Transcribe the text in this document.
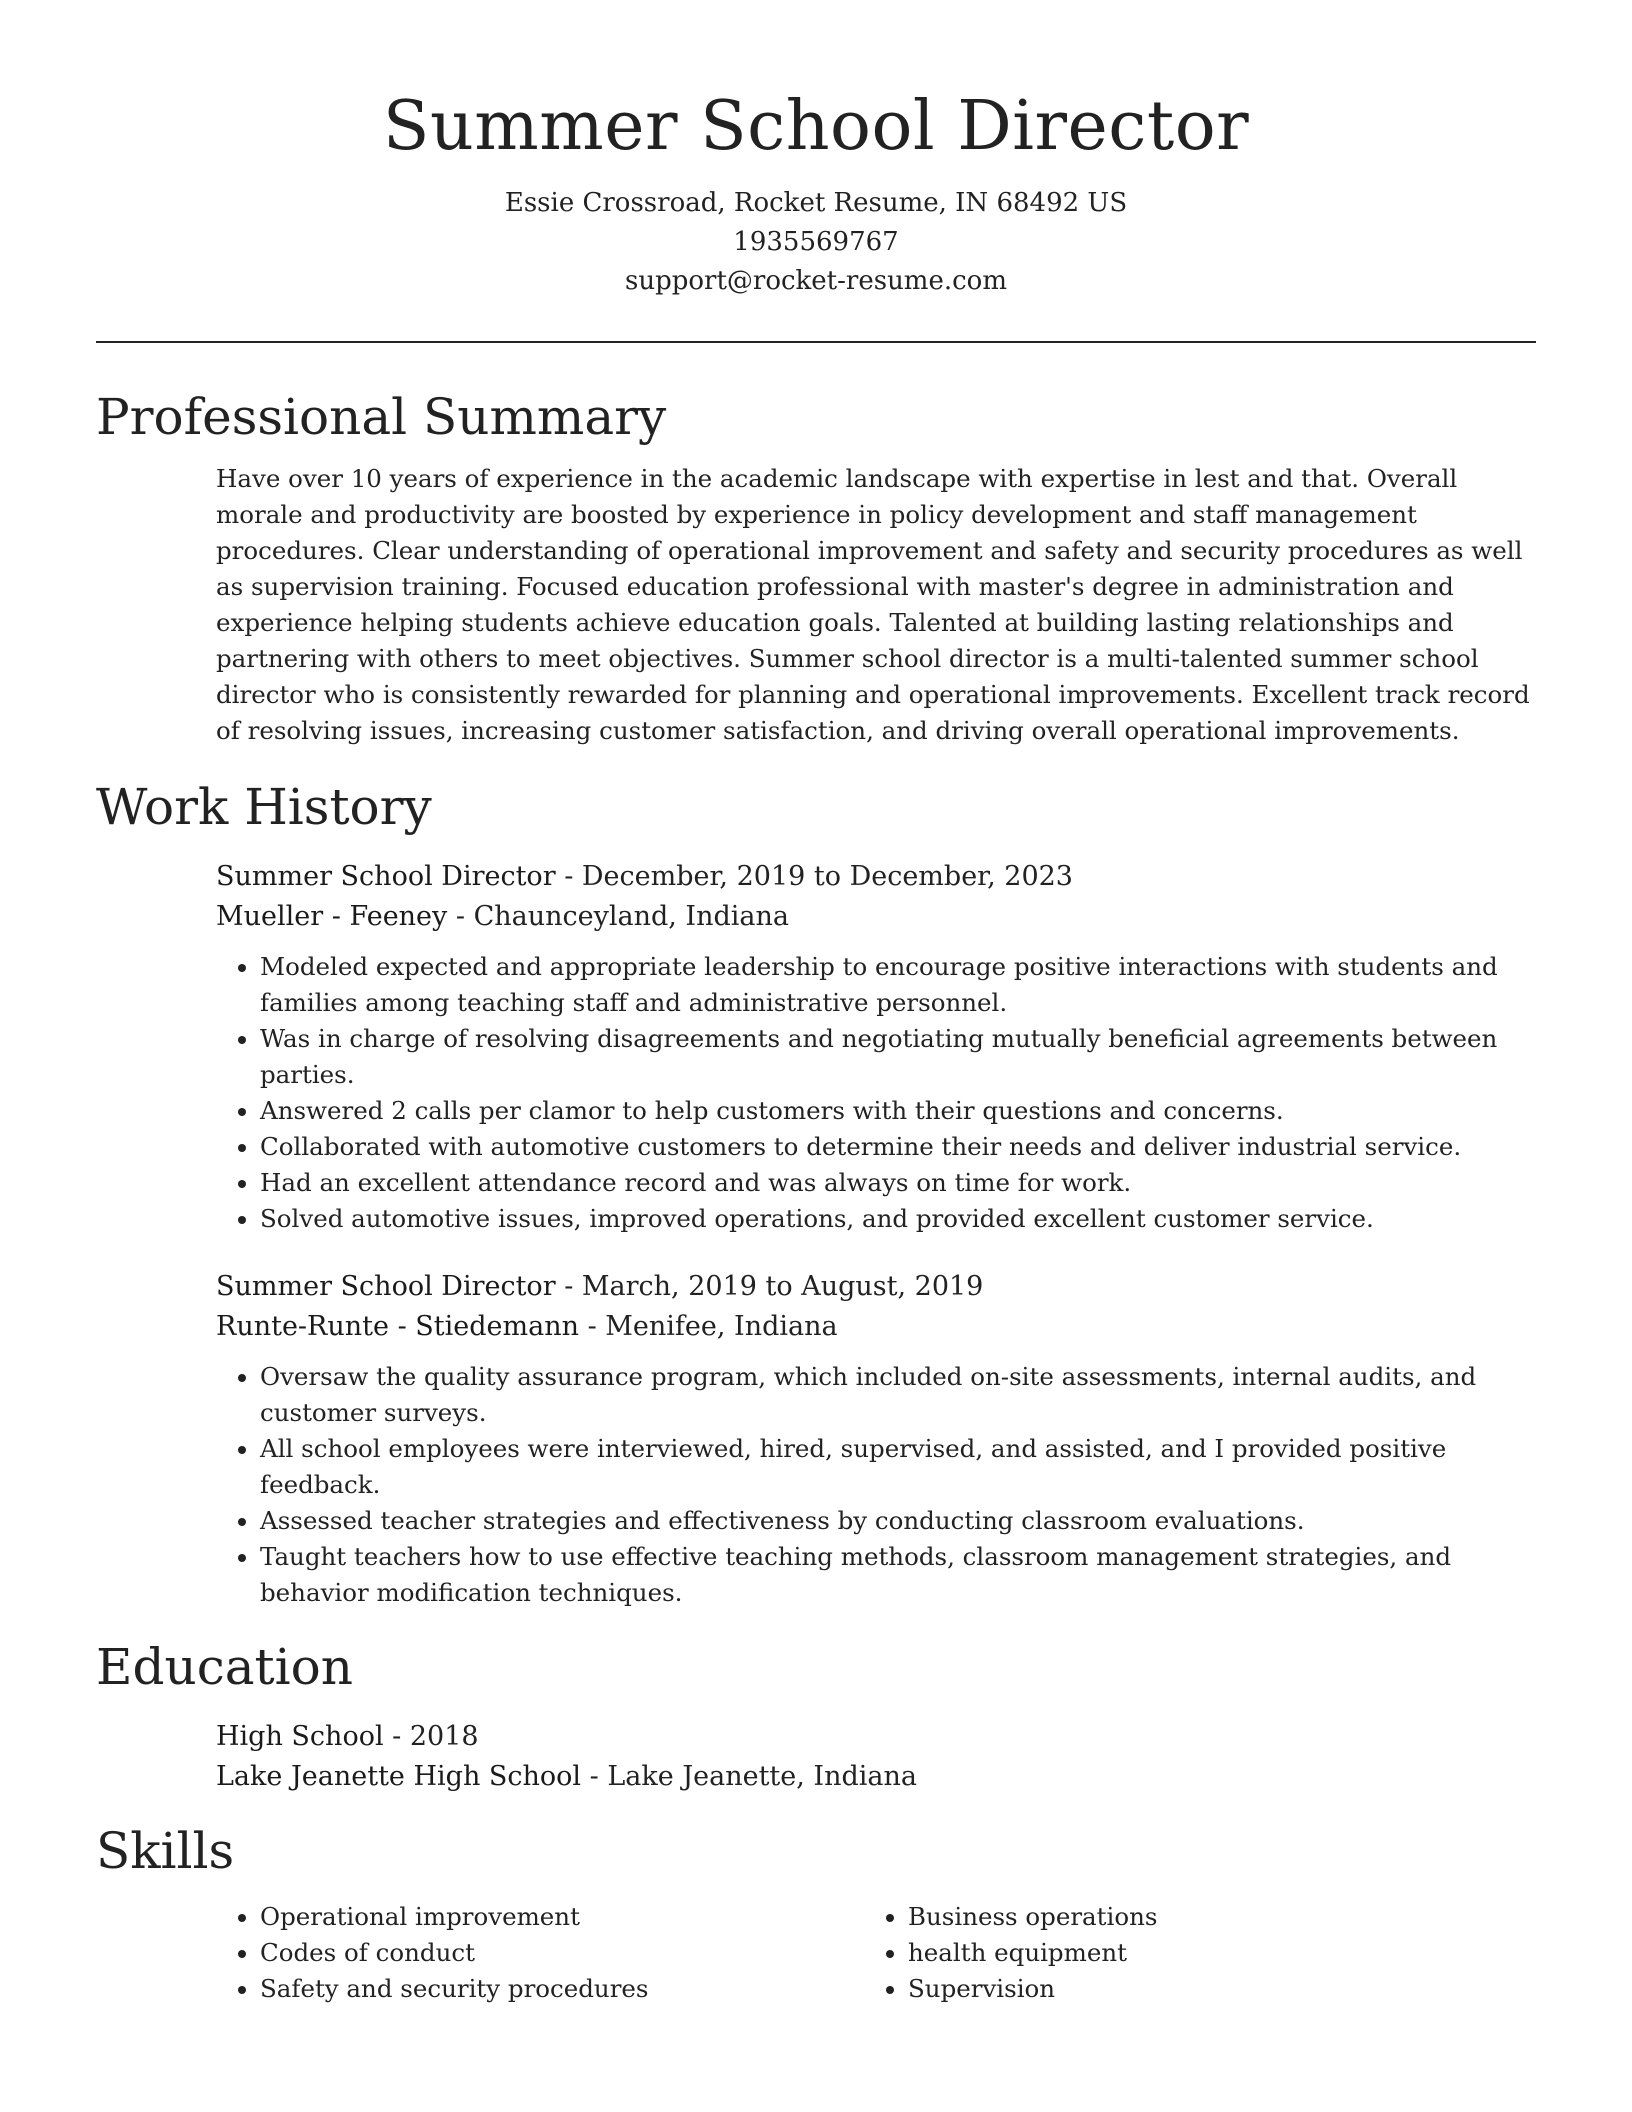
Summer School Director
Essie Crossroad, Rocket Resume, IN 68492 US
1935569767
support@rocket-resume.com
Professional Summary

Have over 10 years of experience in the academic landscape with expertise in lest and that. Overall morale and productivity are boosted by experience in policy development and staff management procedures. Clear understanding of operational improvement and safety and security procedures as well as supervision training. Focused education professional with master's degree in administration and experience helping students achieve education goals. Talented at building lasting relationships and partnering with others to meet objectives. Summer school director is a multi-talented summer school director who is consistently rewarded for planning and operational improvements. Excellent track record of resolving issues, increasing customer satisfaction, and driving overall operational improvements.

Work History
Summer School Director - December, 2019 to December, 2023
Mueller - Feeney - Chaunceyland, Indiana
• Modeled expected and appropriate leadership to encourage positive interactions with students and families among teaching staff and administrative personnel.
• Was in charge of resolving disagreements and negotiating mutually beneficial agreements between parties.
• Answered 2 calls per clamor to help customers with their questions and concerns.
• Collaborated with automotive customers to determine their needs and deliver industrial service.
• Had an excellent attendance record and was always on time for work.
• Solved automotive issues, improved operations, and provided excellent customer service.
Summer School Director - March, 2019 to August, 2019
Runte-Runte - Stiedemann - Menifee, Indiana
• Oversaw the quality assurance program, which included on-site assessments, internal audits, and customer surveys.
• All school employees were interviewed, hired, supervised, and assisted, and I provided positive feedback.
• Assessed teacher strategies and effectiveness by conducting classroom evaluations.
• Taught teachers how to use effective teaching methods, classroom management strategies, and behavior modification techniques.
Education
High School - 2018
Lake Jeanette High School - Lake Jeanette, Indiana
Skills
• Operational improvement
• Codes of conduct
• Safety and security procedures
• Business operations
• health equipment
• Supervision
